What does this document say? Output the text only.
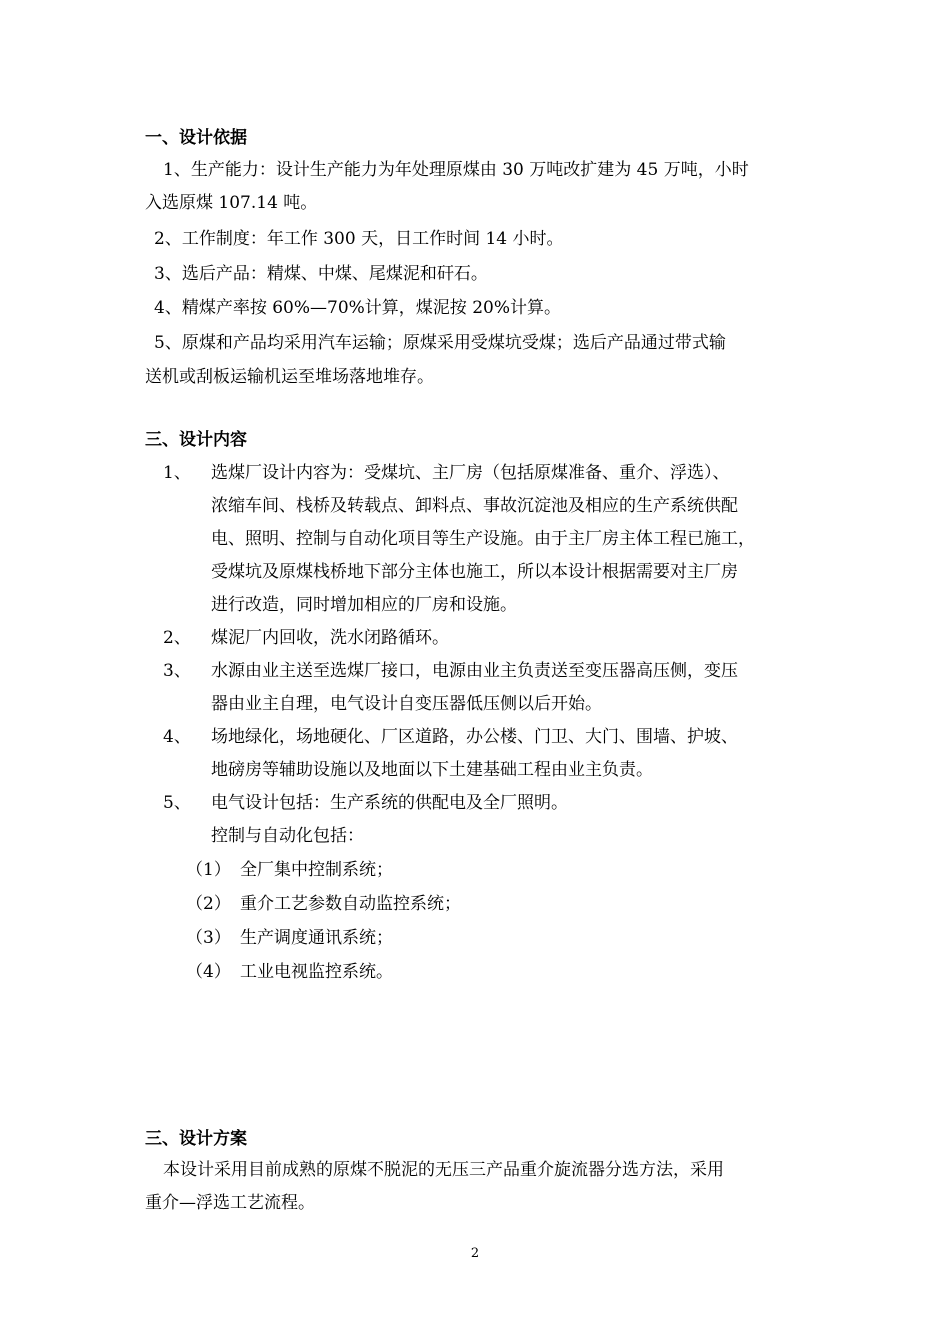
一、设计依据
1、生产能力：设计生产能力为年处理原煤由 30 万吨改扩建为 45 万吨，小时
入选原煤 107.14 吨。
2、工作制度：年工作 300 天，日工作时间 14 小时。
3、选后产品：精煤、中煤、尾煤泥和矸石。
4、精煤产率按 60%—70%计算，煤泥按 20%计算。
5、原煤和产品均采用汽车运输；原煤采用受煤坑受煤；选后产品通过带式输
送机或刮板运输机运至堆场落地堆存。
三、设计内容
1、 选煤厂设计内容为：受煤坑、主厂房（包括原煤准备、重介、浮选）、
浓缩车间、栈桥及转载点、卸料点、事故沉淀池及相应的生产系统供配
电、照明、控制与自动化项目等生产设施。由于主厂房主体工程已施工，
受煤坑及原煤栈桥地下部分主体也施工，所以本设计根据需要对主厂房
进行改造，同时增加相应的厂房和设施。
2、 煤泥厂内回收，洗水闭路循环。
3、 水源由业主送至选煤厂接口，电源由业主负责送至变压器高压侧，变压
器由业主自理，电气设计自变压器低压侧以后开始。
4、 场地绿化，场地硬化、厂区道路，办公楼、门卫、大门、围墙、护坡、
地磅房等辅助设施以及地面以下土建基础工程由业主负责。
5、 电气设计包括：生产系统的供配电及全厂照明。
控制与自动化包括：
（1） 全厂集中控制系统；
（2） 重介工艺参数自动监控系统；
（3） 生产调度通讯系统；
（4） 工业电视监控系统。
三、设计方案
本设计采用目前成熟的原煤不脱泥的无压三产品重介旋流器分选方法，采用
重介—浮选工艺流程。
2
